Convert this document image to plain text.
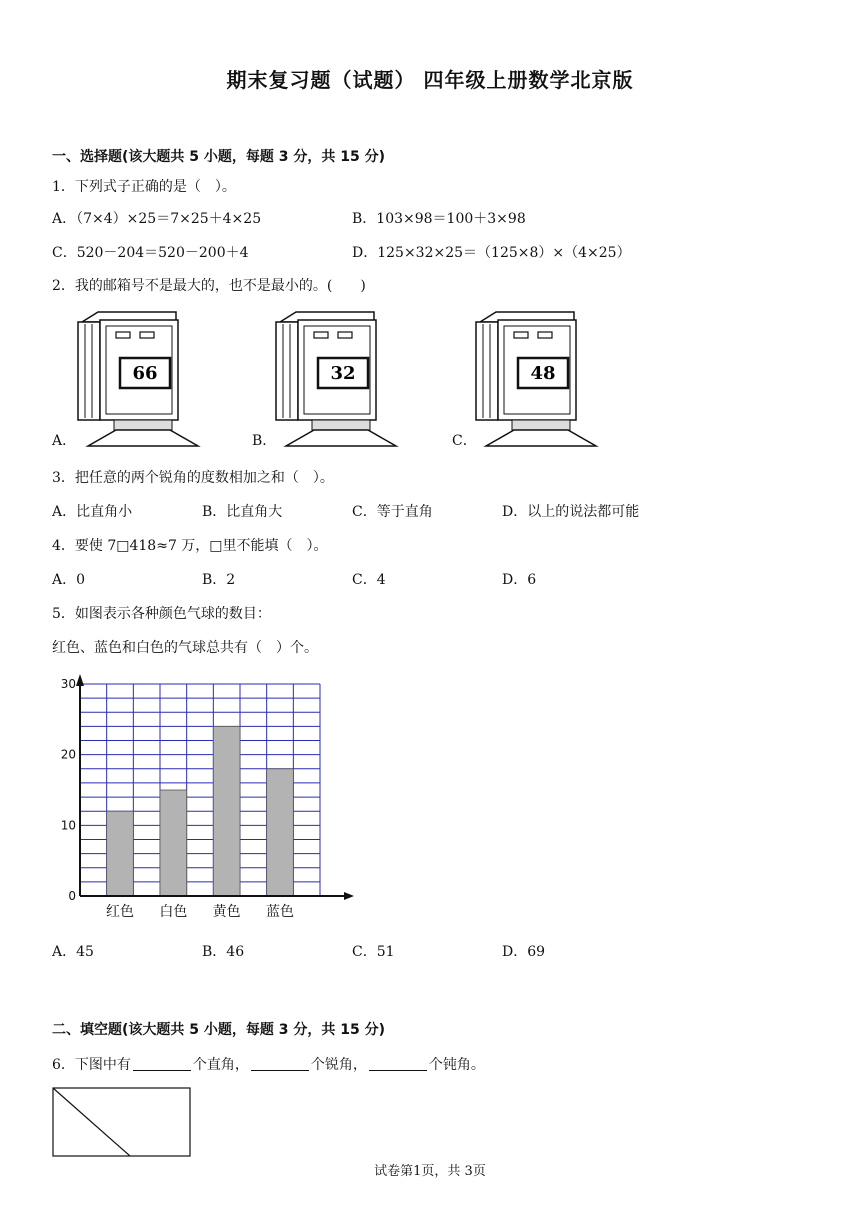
期末复习题（试题） 四年级上册数学北京版
一、选择题(该大题共 5 小题，每题 3 分，共 15 分)
1．下列式子正确的是（　）。
A．（7×4）×25＝7×25＋4×25	B．103×98＝100＋3×98
C．520－204＝520－200＋4	D．125×32×25＝（125×8）×（4×25）
2．我的邮箱号不是最大的，也不是最小的。(　　)
66	32	48
A．	B．	C．
3．把任意的两个锐角的度数相加之和（　）。
A．比直角小	B．比直角大	C．等于直角	D．以上的说法都可能
4．要使 7□418≈7 万，□里不能填（　）。
A．0	B．2	C．4	D．6
5．如图表示各种颜色气球的数目：
红色、蓝色和白色的气球总共有（　）个。
红色 白色 黄色 蓝色
0
10
20
30
A．45	B．46	C．51	D．69
二、填空题(该大题共 5 小题，每题 3 分，共 15 分)
6．下图中有	个直角，	个锐角，	个钝角。
试卷第1页，共 3页
